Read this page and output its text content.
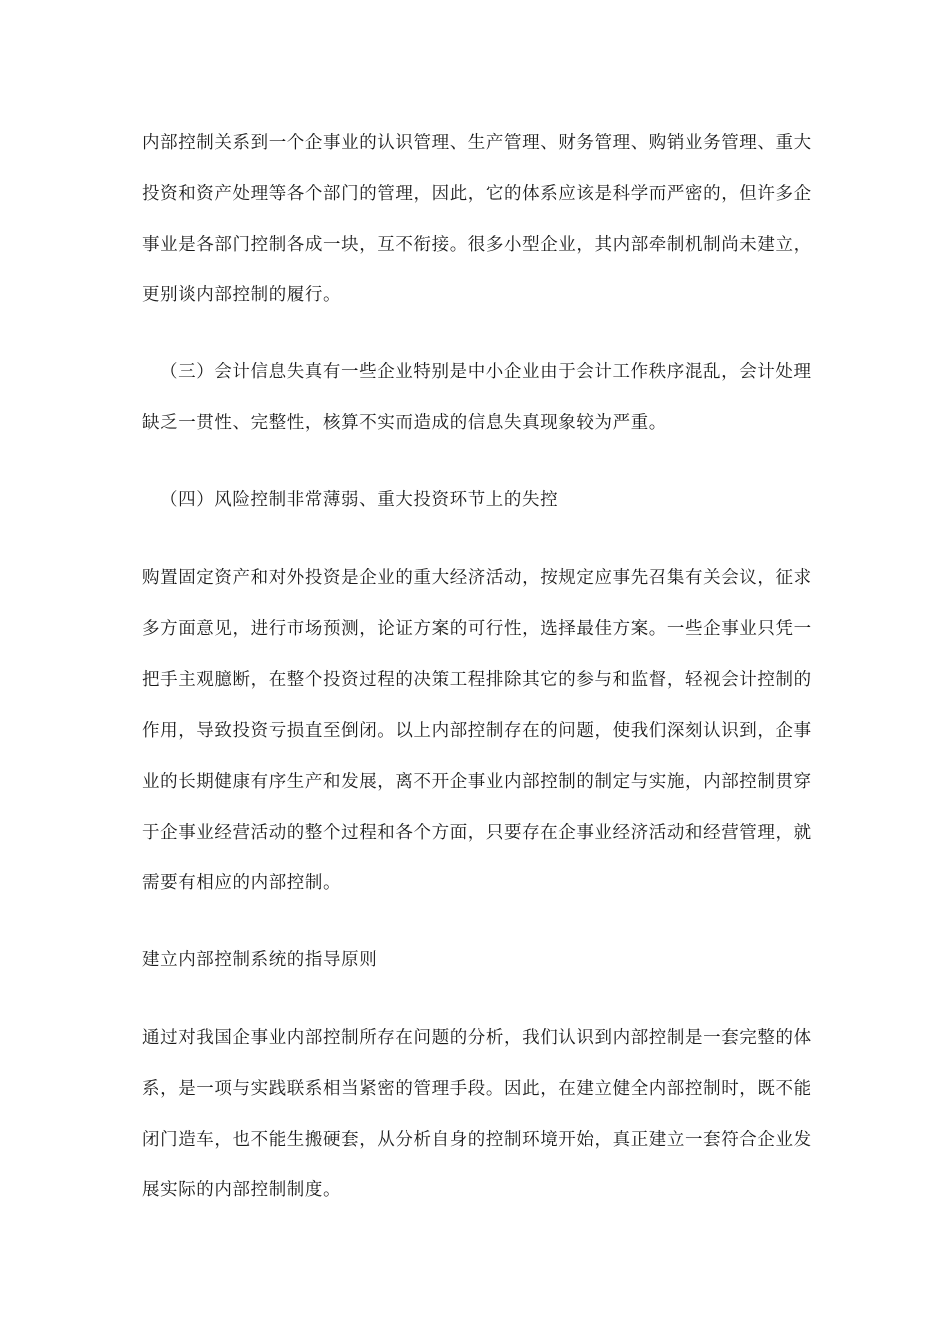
内部控制关系到一个企事业的认识管理、生产管理、财务管理、购销业务管理、重大
投资和资产处理等各个部门的管理，因此，它的体系应该是科学而严密的，但许多企
事业是各部门控制各成一块，互不衔接。很多小型企业，其内部牵制机制尚未建立，
更别谈内部控制的履行。
（三）会计信息失真有一些企业特别是中小企业由于会计工作秩序混乱，会计处理
缺乏一贯性、完整性，核算不实而造成的信息失真现象较为严重。
（四）风险控制非常薄弱、重大投资环节上的失控
购置固定资产和对外投资是企业的重大经济活动，按规定应事先召集有关会议，征求
多方面意见，进行市场预测，论证方案的可行性，选择最佳方案。一些企事业只凭一
把手主观臆断，在整个投资过程的决策工程排除其它的参与和监督，轻视会计控制的
作用，导致投资亏损直至倒闭。以上内部控制存在的问题，使我们深刻认识到，企事
业的长期健康有序生产和发展，离不开企事业内部控制的制定与实施，内部控制贯穿
于企事业经营活动的整个过程和各个方面，只要存在企事业经济活动和经营管理，就
需要有相应的内部控制。
建立内部控制系统的指导原则
通过对我国企事业内部控制所存在问题的分析，我们认识到内部控制是一套完整的体
系，是一项与实践联系相当紧密的管理手段。因此，在建立健全内部控制时，既不能
闭门造车，也不能生搬硬套，从分析自身的控制环境开始，真正建立一套符合企业发
展实际的内部控制制度。
